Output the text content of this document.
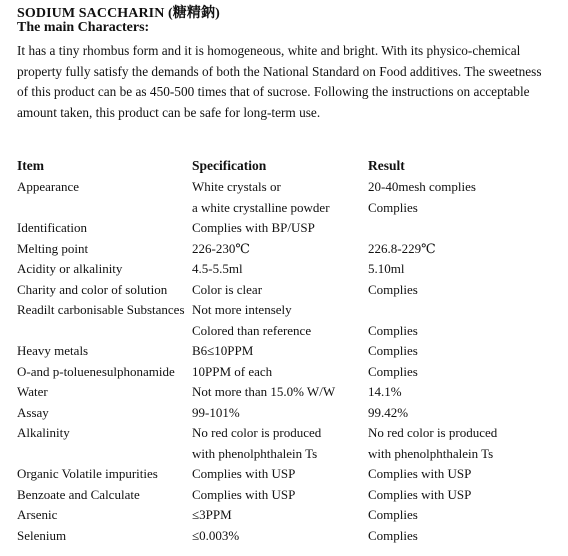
SODIUM SACCHARIN (糖精鈉)
The main Characters:
It has a tiny rhombus form and it is homogeneous, white and bright. With its physico-chemical
property fully satisfy the demands of both the National Standard on Food additives. The sweetness
of this product can be as 450-500 times that of sucrose. Following the instructions on acceptable
amount taken, this product can be safe for long-term use.
Item	Specification	Result
Appearance	White crystals or	20-40mesh complies
	a white crystalline powder	Complies
Identification	Complies with BP/USP	
Melting point	226-230℃	226.8-229℃
Acidity or alkalinity	4.5-5.5ml	5.10ml
Charity and color of solution	Color is clear	Complies
Readilt carbonisable Substances	Not more intensely	
	Colored than reference	Complies
Heavy metals	B6≤10PPM	Complies
O-and p-toluenesulphonamide	10PPM of each	Complies
Water	Not more than 15.0% W/W	14.1%
Assay	99-101%	99.42%
Alkalinity	No red color is produced	No red color is produced
	with phenolphthalein Ts	with phenolphthalein Ts
Organic Volatile impurities	Complies with USP	Complies with USP
Benzoate and Calculate	Complies with USP	Complies with USP
Arsenic	≤3PPM	Complies
Selenium	≤0.003%	Complies
